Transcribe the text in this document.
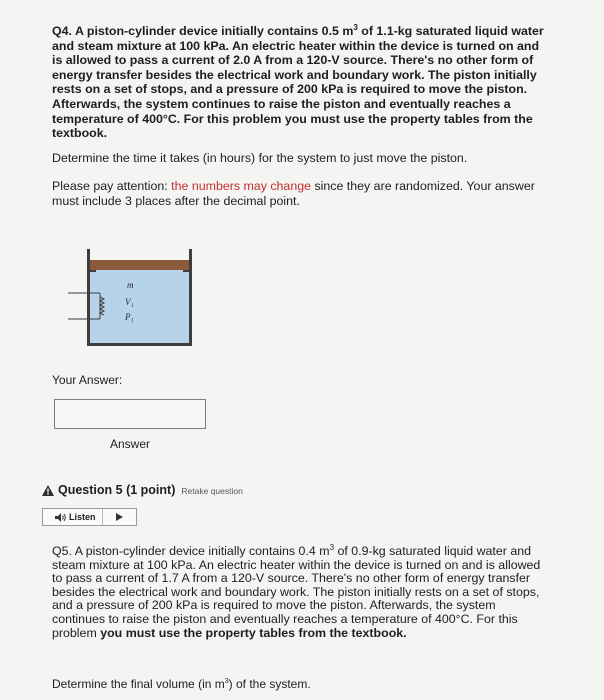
Q4. A piston-cylinder device initially contains 0.5 $m^3$ of 1.1-kg saturated liquid water and steam mixture at 100 kPa. An electric heater within the device is turned on and is allowed to pass a current of 2.0 A from a 120-V source. There's no other form of energy transfer besides the electrical work and boundary work. The piston initially rests on a set of stops, and a pressure of 200 kPa is required to move the piston. Afterwards, the system continues to raise the piston and eventually reaches a temperature of 400°C. For this problem you must use the property tables from the textbook.

Determine the time it takes (in hours) for the system to just move the piston.

Please pay attention: the numbers may change since they are randomized. Your answer must include 3 places after the decimal point.

m
V₁
P₁
Your Answer:
Answer
Question 5
(1 point) Retake question
Listen

Q5. A piston-cylinder device initially contains 0.4 $m^3$ of 0.9-kg saturated liquid water and steam mixture at 100 kPa. An electric heater within the device is turned on and is allowed to pass a current of 1.7 A from a 120-V source. There's no other form of energy transfer besides the electrical work and boundary work. The piston initially rests on a set of stops, and a pressure of 200 kPa is required to move the piston. Afterwards, the system continues to raise the piston and eventually reaches a temperature of 400°C. For this problem you must use the property tables from the textbook.

Determine the final volume (in $m^3$) of the system.
